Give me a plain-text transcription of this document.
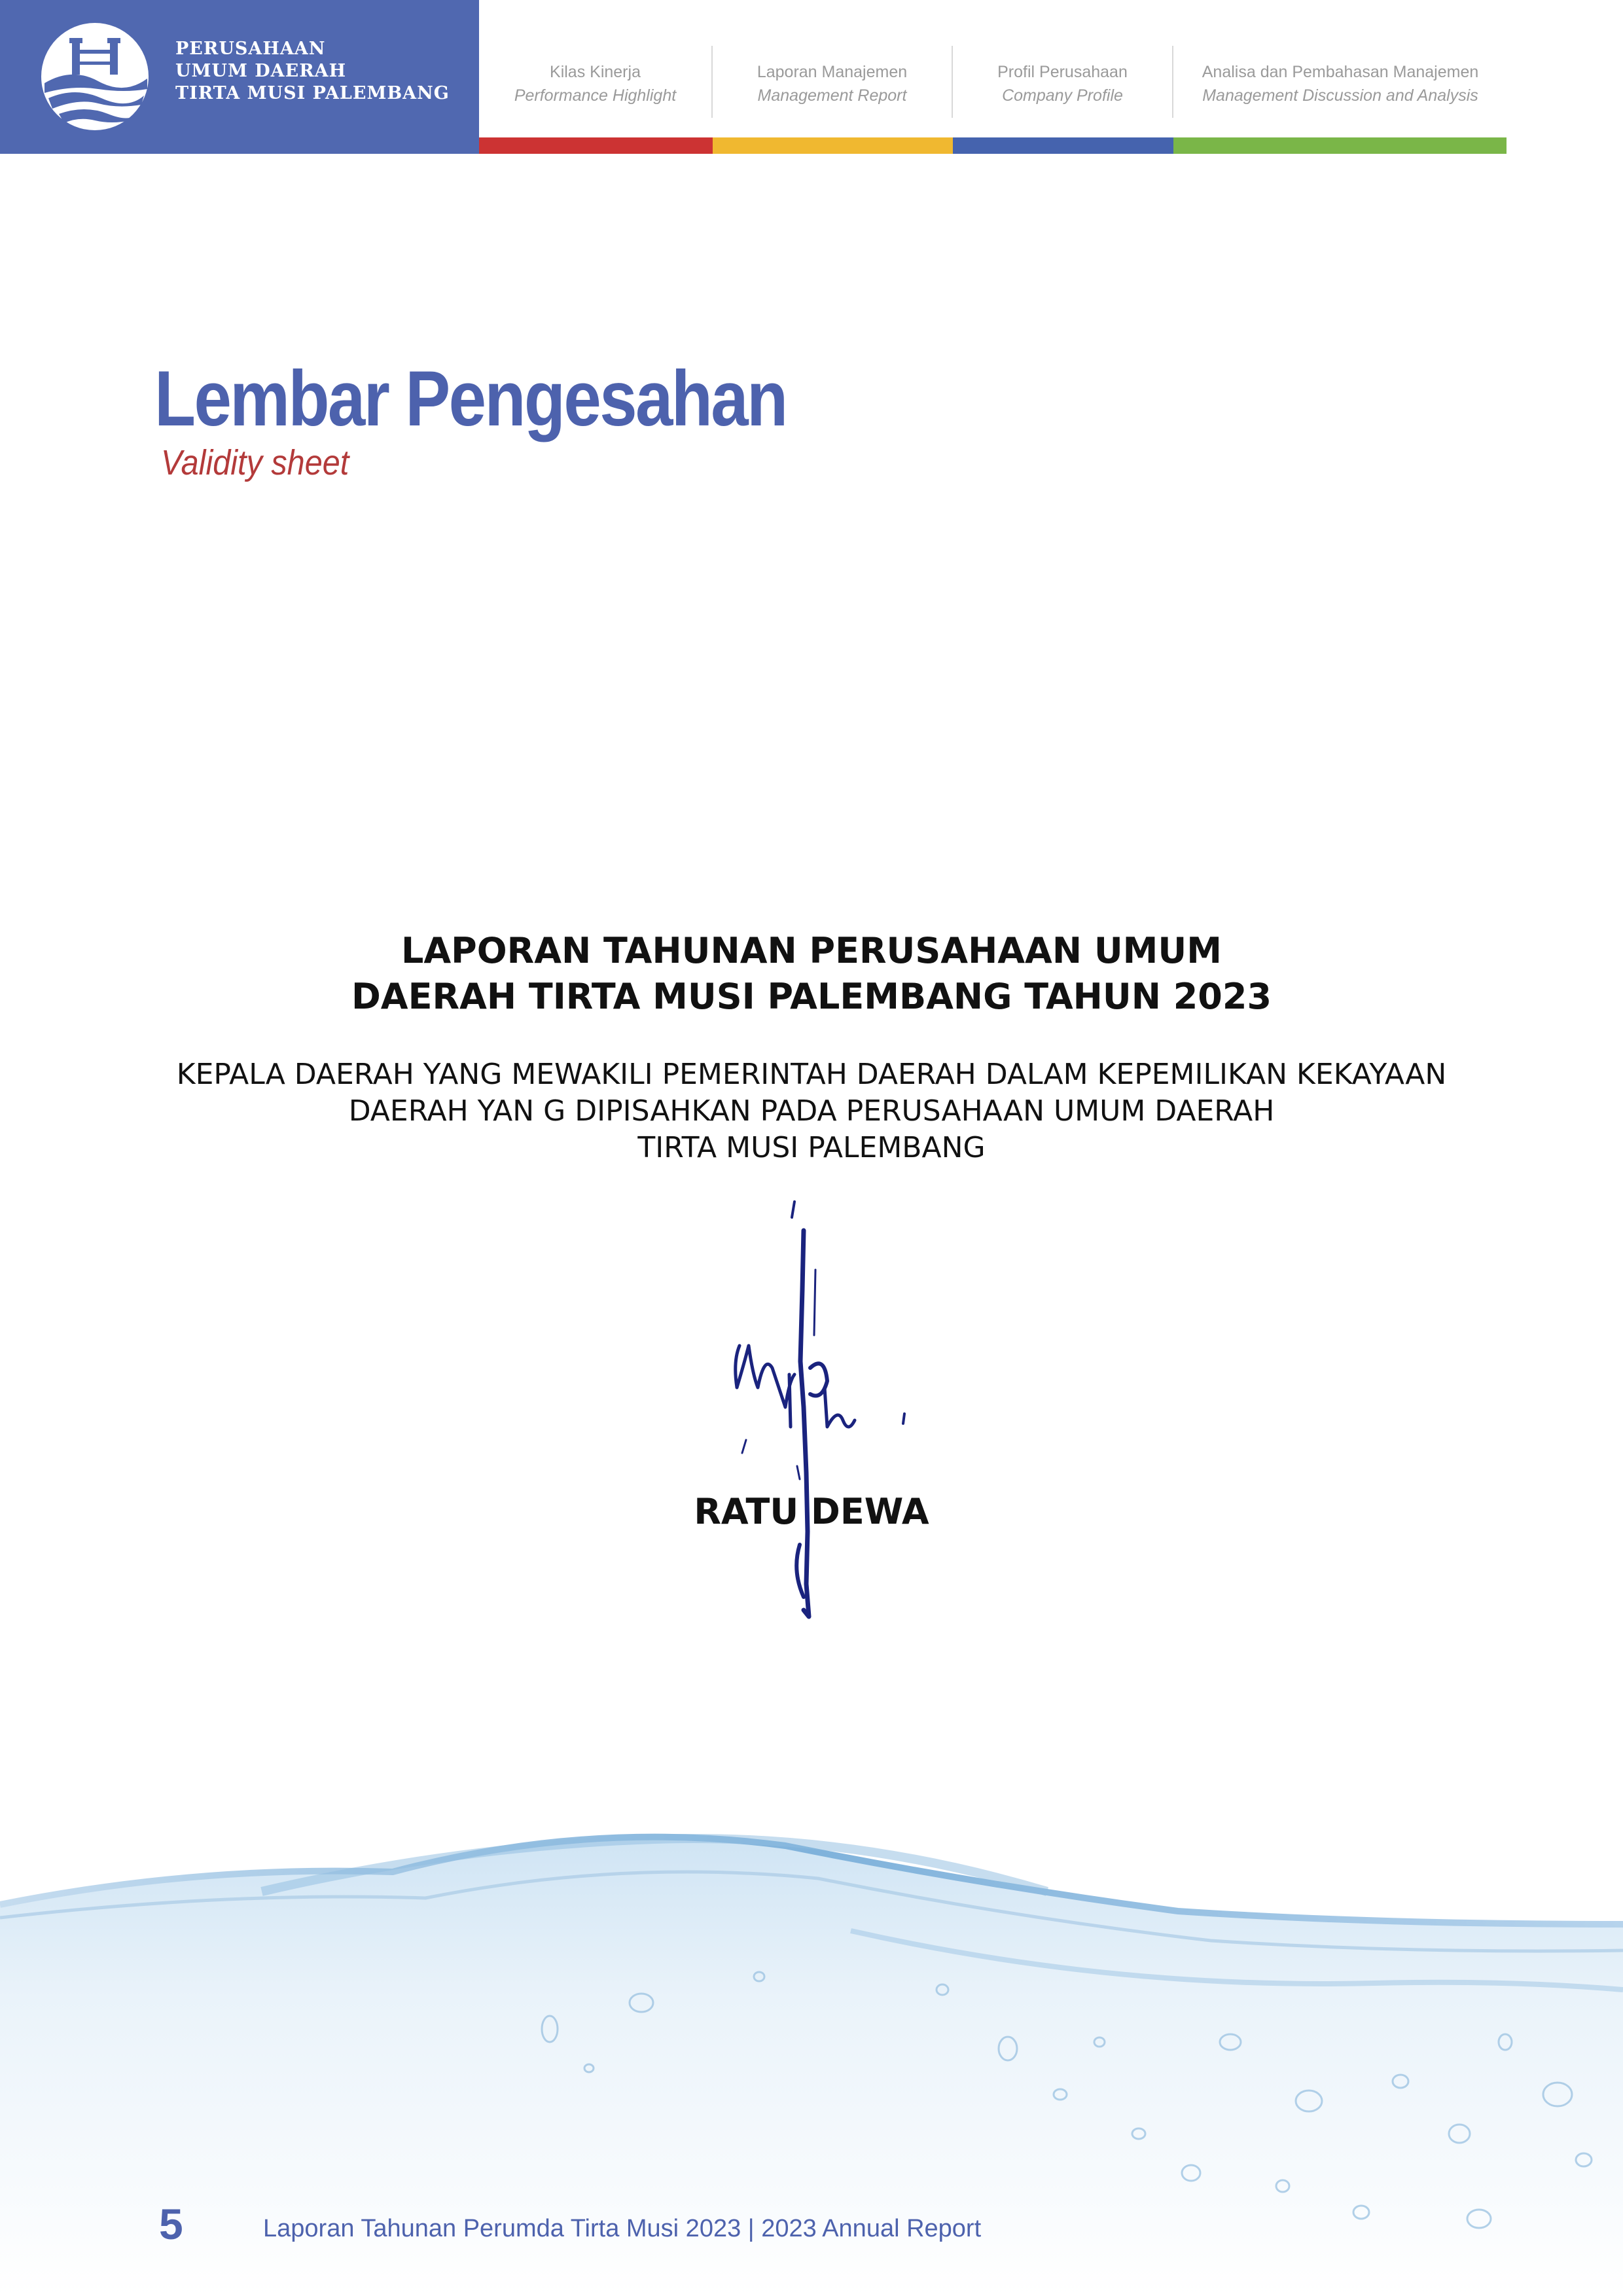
PERUSAHAAN
UMUM DAERAH
TIRTA MUSI PALEMBANG
Kilas Kinerja
Performance Highlight
Laporan Manajemen
Management Report
Profil Perusahaan
Company Profile
Analisa dan Pembahasan Manajemen
Management Discussion and Analysis
Lembar Pengesahan
Validity sheet
LAPORAN TAHUNAN PERUSAHAAN UMUM
DAERAH TIRTA MUSI PALEMBANG TAHUN 2023
KEPALA DAERAH YANG MEWAKILI PEMERINTAH DAERAH DALAM KEPEMILIKAN KEKAYAAN
DAERAH YAN G DIPISAHKAN PADA PERUSAHAAN UMUM DAERAH
TIRTA MUSI PALEMBANG
RATU DEWA
5	Laporan Tahunan Perumda Tirta Musi 2023 | 2023 Annual Report
